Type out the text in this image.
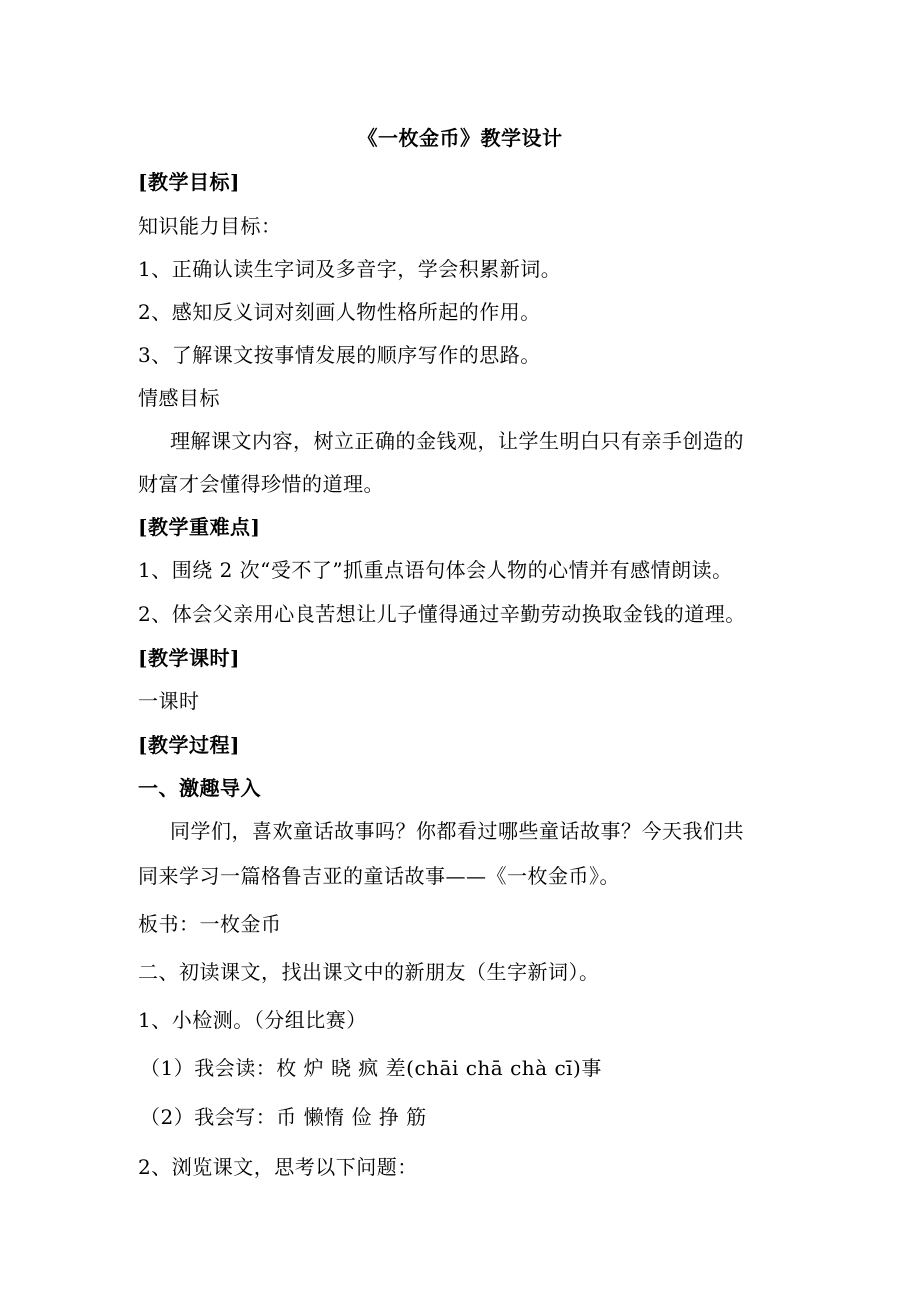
《一枚金币》教学设计
[教学目标]
知识能力目标：
1、正确认读生字词及多音字，学会积累新词。
2、感知反义词对刻画人物性格所起的作用。
3、了解课文按事情发展的顺序写作的思路。
情感目标
理解课文内容，树立正确的金钱观，让学生明白只有亲手创造的
财富才会懂得珍惜的道理。
[教学重难点]
1、围绕 2 次“受不了”抓重点语句体会人物的心情并有感情朗读。
2、体会父亲用心良苦想让儿子懂得通过辛勤劳动换取金钱的道理。
[教学课时]
一课时
[教学过程]
一、激趣导入
同学们，喜欢童话故事吗？你都看过哪些童话故事？今天我们共
同来学习一篇格鲁吉亚的童话故事——《一枚金币》。
板书：一枚金币
二、初读课文，找出课文中的新朋友（生字新词）。
1、小检测。（分组比赛）
（1）我会读：枚 炉 晓 疯 差(chāi chā chà cī)事
（2）我会写：币 懒惰 俭 挣 筋
2、浏览课文，思考以下问题：
